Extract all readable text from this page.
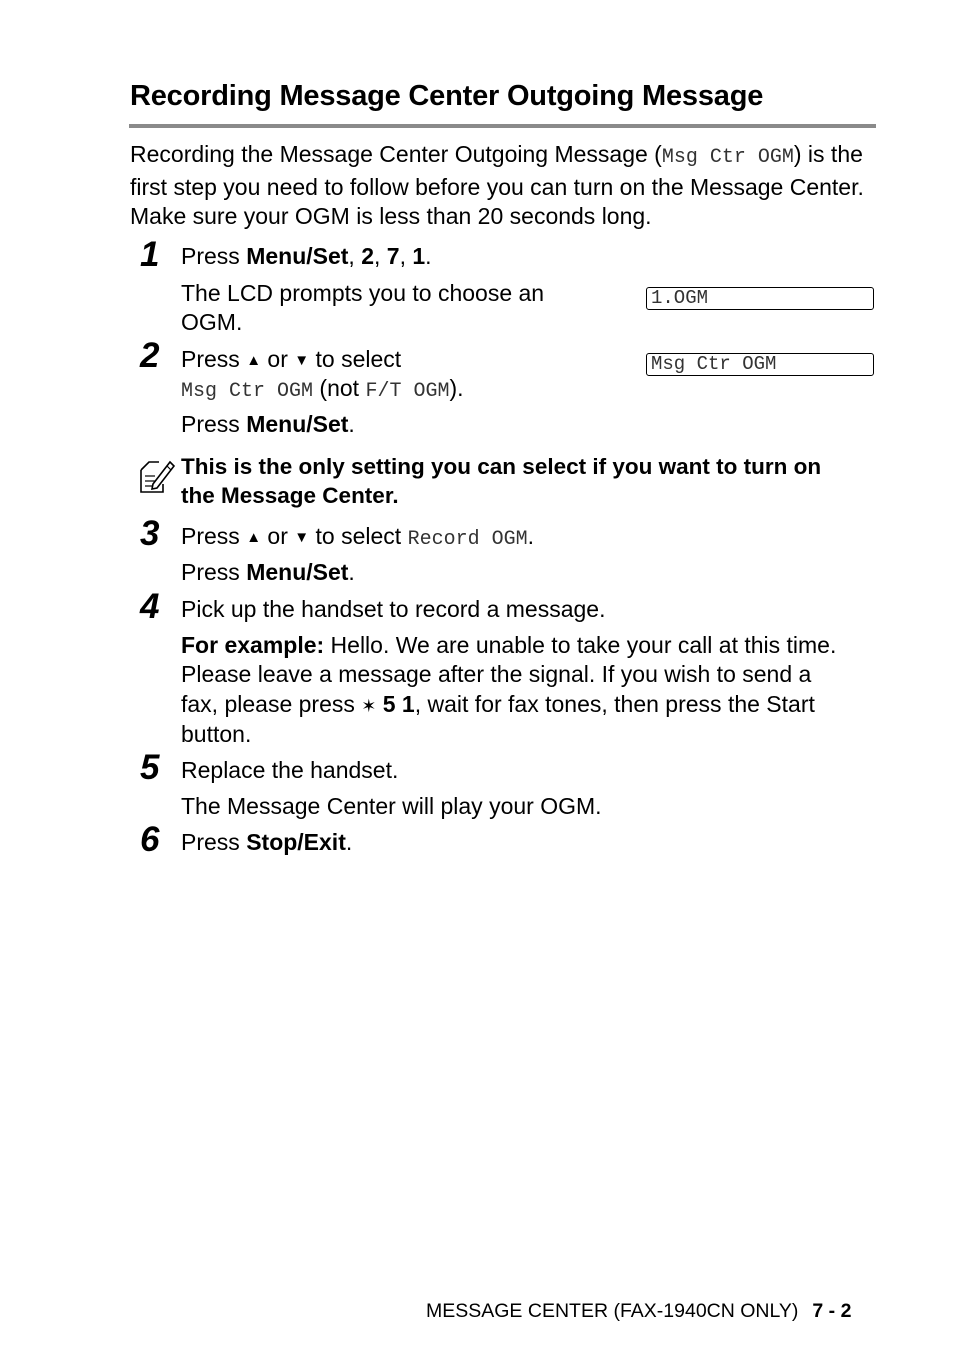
Recording Message Center Outgoing Message
Recording the Message Center Outgoing Message (Msg Ctr OGM) is the first step you need to follow before you can turn on the Message Center. Make sure your OGM is less than 20 seconds long.
1 Press Menu/Set, 2, 7, 1.
The LCD prompts you to choose an
OGM.
1.OGM
2 Press ▲ or ▼ to select
Msg Ctr OGM (not F/T OGM).
Press Menu/Set.
Msg Ctr OGM
This is the only setting you can select if you want to turn on
the Message Center.
3 Press ▲ or ▼ to select Record OGM.
Press Menu/Set.
4 Pick up the handset to record a message.
For example: Hello. We are unable to take your call at this time.
Please leave a message after the signal. If you wish to send a
fax, please press ✶ 5 1, wait for fax tones, then press the Start
button.
5 Replace the handset.
The Message Center will play your OGM.
6 Press Stop/Exit.
MESSAGE CENTER (FAX-1940CN ONLY) 7 - 2
